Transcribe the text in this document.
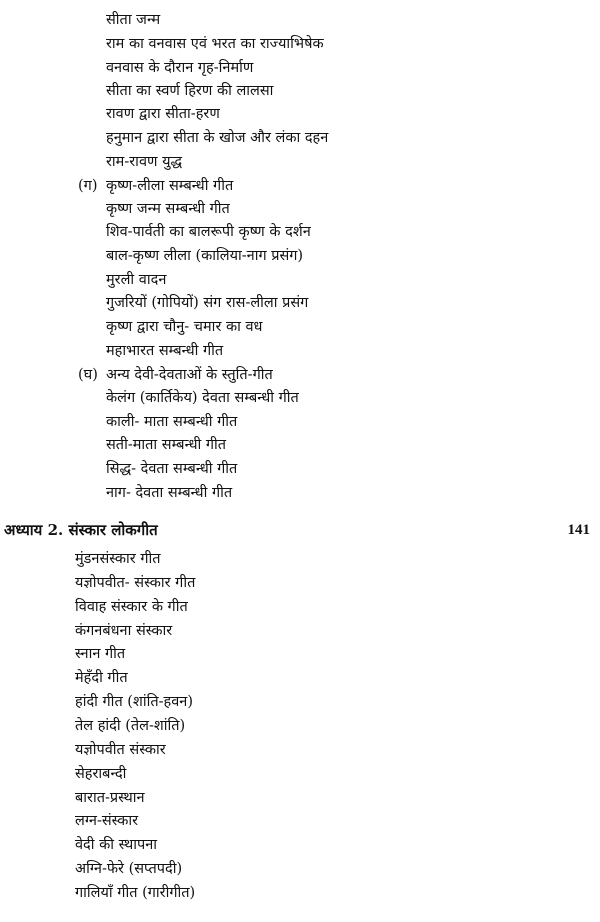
सीता जन्म
राम का वनवास एवं भरत का राज्याभिषेक
वनवास के दौरान गृह-निर्माण
सीता का स्वर्ण हिरण की लालसा
रावण द्वारा सीता-हरण
हनुमान द्वारा सीता के खोज और लंका दहन
राम-रावण युद्ध
(ग) कृष्ण-लीला सम्बन्धी गीत
कृष्ण जन्म सम्बन्धी गीत
शिव-पार्वती का बालरूपी कृष्ण के दर्शन
बाल-कृष्ण लीला (कालिया-नाग प्रसंग)
मुरली वादन
गुजरियों (गोपियों) संग रास-लीला प्रसंग
कृष्ण द्वारा चौनु- चमार का वध
महाभारत सम्बन्धी गीत
(घ) अन्य देवी-देवताओं के स्तुति-गीत
केलंग (कार्तिकेय) देवता सम्बन्धी गीत
काली- माता सम्बन्धी गीत
सती-माता सम्बन्धी गीत
सिद्ध- देवता सम्बन्धी गीत
नाग- देवता सम्बन्धी गीत
अध्याय 2. संस्कार लोकगीत	141
मुंडनसंस्कार गीत
यज्ञोपवीत- संस्कार गीत
विवाह संस्कार के गीत
कंगनबंधना संस्कार
स्नान गीत
मेहँदी गीत
हांदी गीत (शांति-हवन)
तेल हांदी (तेल-शांति)
यज्ञोपवीत संस्कार
सेहराबन्दी
बारात-प्रस्थान
लग्न-संस्कार
वेदी की स्थापना
अग्नि-फेरे (सप्तपदी)
गालियाँ गीत (गारीगीत)
